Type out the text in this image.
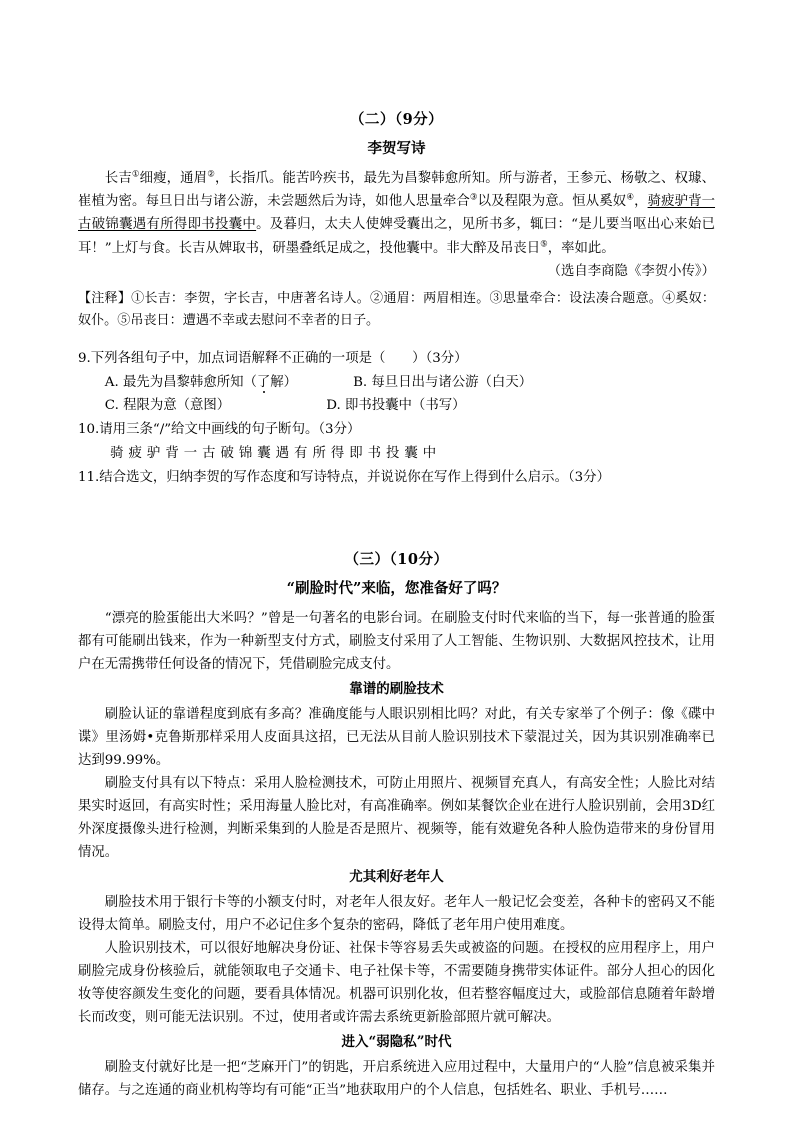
（二）（9分）
李贺写诗

长吉①细瘦，通眉②，长指爪。能苦吟疾书，最先为昌黎韩愈所知。所与游者，王参元、杨敬之、权璩、崔植为密。每旦日出与诸公游，未尝题然后为诗，如他人思量牵合③以及程限为意。恒从奚奴④，骑疲驴背一古破锦囊遇有所得即书投囊中。及暮归，太夫人使婢受囊出之，见所书多，辄曰：“是儿要当呕出心来始已耳！”上灯与食。长吉从婢取书，研墨叠纸足成之，投他囊中。非大醉及吊丧日⑤，率如此。

（选自李商隐《李贺小传》）

【注释】①长吉：李贺，字长吉，中唐著名诗人。②通眉：两眉相连。③思量牵合：设法凑合题意。④奚奴：奴仆。⑤吊丧日：遭遇不幸或去慰问不幸者的日子。

9.下列各组句子中，加点词语解释不正确的一项是（　　）（3分）

A. 最先为昌黎韩愈所知（了解）	B. 每旦日出与诸公游（白天）

C. 程限为意（意图）	D. 即书投囊中（书写）

10.请用三条“/”给文中画线的句子断句。（3分）

骑疲驴背一古破锦囊遇有所得即书投囊中

11.结合选文，归纳李贺的写作态度和写诗特点，并说说你在写作上得到什么启示。（3分）

（三）（10分）
“刷脸时代”来临，您准备好了吗？

“漂亮的脸蛋能出大米吗？”曾是一句著名的电影台词。在刷脸支付时代来临的当下，每一张普通的脸蛋都有可能刷出钱来，作为一种新型支付方式，刷脸支付采用了人工智能、生物识别、大数据风控技术，让用户在无需携带任何设备的情况下，凭借刷脸完成支付。

靠谱的刷脸技术

刷脸认证的靠谱程度到底有多高？准确度能与人眼识别相比吗？对此，有关专家举了个例子：像《碟中谍》里汤姆•克鲁斯那样采用人皮面具这招，已无法从目前人脸识别技术下蒙混过关，因为其识别准确率已达到99.99%。

刷脸支付具有以下特点：采用人脸检测技术，可防止用照片、视频冒充真人，有高安全性；人脸比对结果实时返回，有高实时性；采用海量人脸比对，有高准确率。例如某餐饮企业在进行人脸识别前，会用3D红外深度摄像头进行检测，判断采集到的人脸是否是照片、视频等，能有效避免各种人脸伪造带来的身份冒用情况。

尤其利好老年人

刷脸技术用于银行卡等的小额支付时，对老年人很友好。老年人一般记忆会变差，各种卡的密码又不能设得太简单。刷脸支付，用户不必记住多个复杂的密码，降低了老年用户使用难度。

人脸识别技术，可以很好地解决身份证、社保卡等容易丢失或被盗的问题。在授权的应用程序上，用户刷脸完成身份核验后，就能领取电子交通卡、电子社保卡等，不需要随身携带实体证件。部分人担心的因化妆等使容颜发生变化的问题，要看具体情况。机器可识别化妆，但若整容幅度过大，或脸部信息随着年龄增长而改变，则可能无法识别。不过，使用者或许需去系统更新脸部照片就可解决。

进入“弱隐私”时代

刷脸支付就好比是一把“芝麻开门”的钥匙，开启系统进入应用过程中，大量用户的“人脸”信息被采集并储存。与之连通的商业机构等均有可能“正当”地获取用户的个人信息，包括姓名、职业、手机号……
